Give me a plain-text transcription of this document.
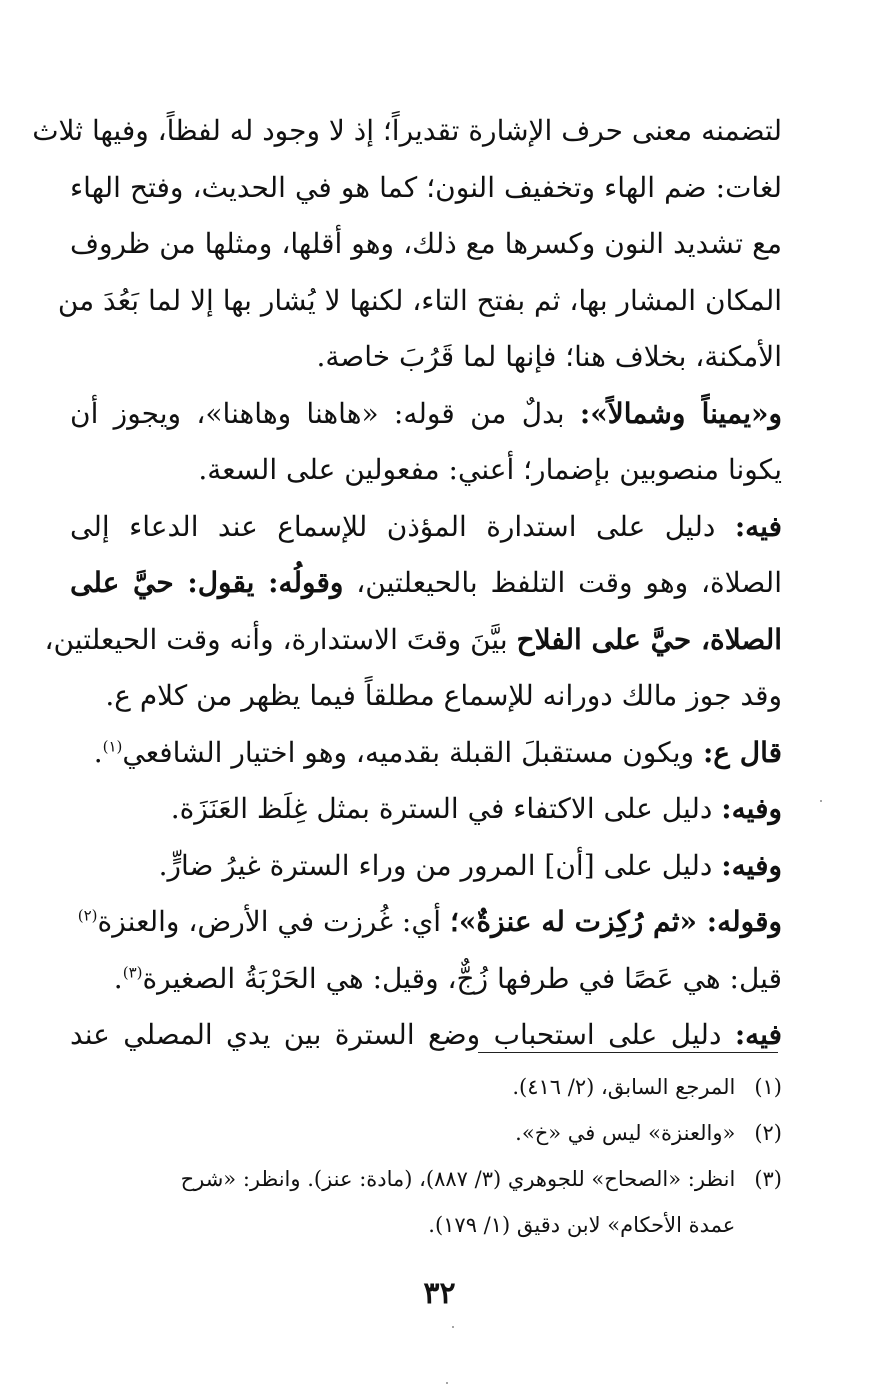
لتضمنه معنى حرف الإشارة تقديراً؛ إذ لا وجود له لفظاً، وفيها ثلاث
لغات: ضم الهاء وتخفيف النون؛ كما هو في الحديث، وفتح الهاء
مع تشديد النون وكسرها مع ذلك، وهو أقلها، ومثلها من ظروف
المكان المشار بها، ثم بفتح التاء، لكنها لا يُشار بها إلا لما بَعُدَ من
الأمكنة، بخلاف هنا؛ فإنها لما قَرُبَ خاصة.
و«يميناً وشمالاً»: بدلٌ من قوله: «هاهنا وهاهنا»، ويجوز أن
يكونا منصوبين بإضمار؛ أعني: مفعولين على السعة.
فيه: دليل على استدارة المؤذن للإسماع عند الدعاء إلى
الصلاة، وهو وقت التلفظ بالحيعلتين، وقولُه: يقول: حيَّ على
الصلاة، حيَّ على الفلاح بيَّنَ وقتَ الاستدارة، وأنه وقت الحيعلتين،
وقد جوز مالك دورانه للإسماع مطلقاً فيما يظهر من كلام ع.
قال ع: ويكون مستقبلَ القبلة بقدميه، وهو اختيار الشافعي$^{(١)}$.
وفيه: دليل على الاكتفاء في السترة بمثل غِلَظ العَنَزَة.
وفيه: دليل على [أن] المرور من وراء السترة غيرُ ضارٍّ.
وقوله: «ثم رُكِزت له عنزةٌ»؛ أي: غُرزت في الأرض، والعنزة$^{(٢)}$
قيل: هي عَصًا في طرفها زُجٌّ، وقيل: هي الحَرْبَةُ الصغيرة$^{(٣)}$.
فيه: دليل على استحباب وضع السترة بين يدي المصلي عند
(١) المرجع السابق، (٢/ ٤١٦).
(٢) «والعنزة» ليس في «خ».
(٣) انظر: «الصحاح» للجوهري (٣/ ٨٨٧)، (مادة: عنز). وانظر: «شرح
عمدة الأحكام» لابن دقيق (١/ ١٧٩).
٣٢
